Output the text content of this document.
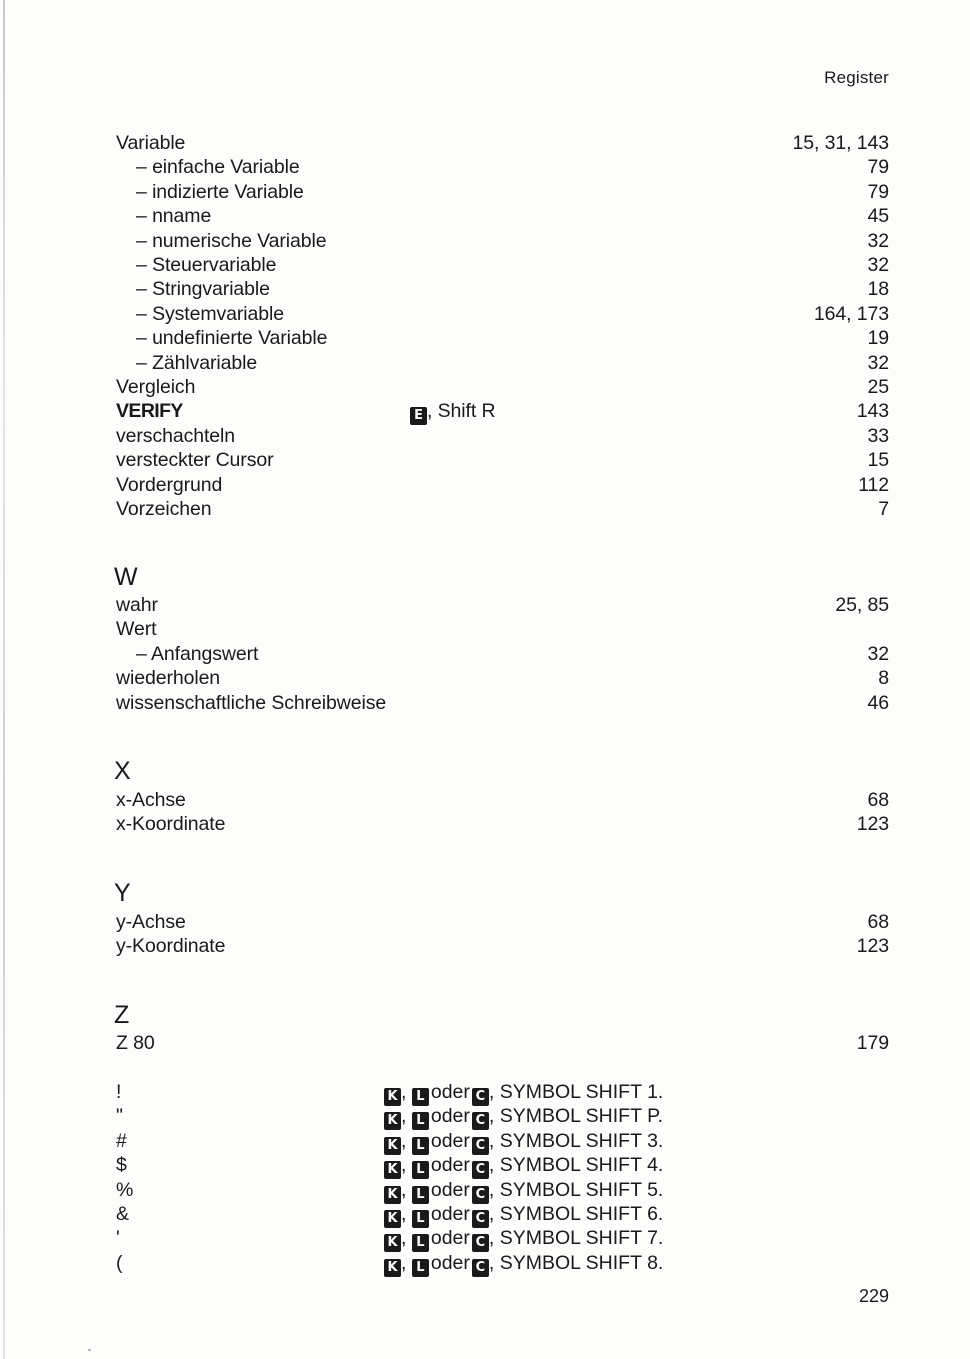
Register
Variable	15, 31, 143
– einfache Variable	79
– indizierte Variable	79
– nname	45
– numerische Variable	32
– Steuervariable	32
– Stringvariable	18
– Systemvariable	164, 173
– undefinierte Variable	19
– Zählvariable	32
Vergleich	25
VERIFY	E , Shift R	143
verschachteln	33
versteckter Cursor	15
Vordergrund	112
Vorzeichen	7
W
wahr	25, 85
Wert
– Anfangswert	32
wiederholen	8
wissenschaftliche Schreibweise	46
X
x-Achse	68
x-Koordinate	123
Y
y-Achse	68
y-Koordinate	123
Z
Z 80	179
!	K , L oder C , SYMBOL SHIFT 1.
"	K , L oder C , SYMBOL SHIFT P.
#	K , L oder C , SYMBOL SHIFT 3.
$	K , L oder C , SYMBOL SHIFT 4.
%	K , L oder C , SYMBOL SHIFT 5.
&	K , L oder C , SYMBOL SHIFT 6.
'	K , L oder C , SYMBOL SHIFT 7.
(	K , L oder C , SYMBOL SHIFT 8.
229
